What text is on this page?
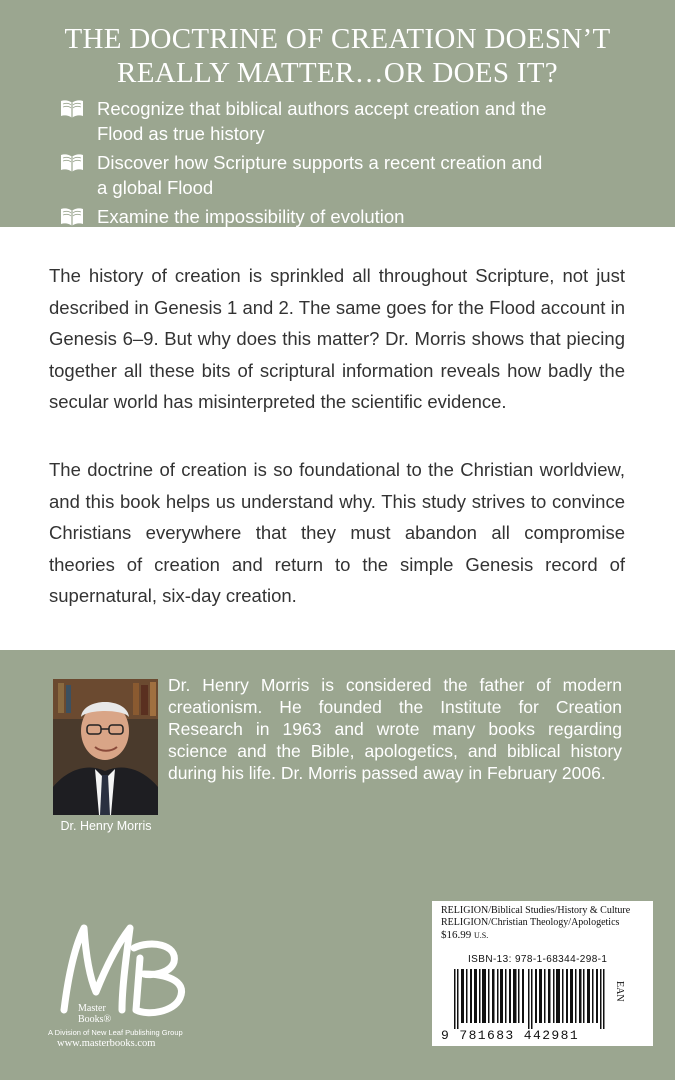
THE DOCTRINE OF CREATION DOESN’T
REALLY MATTER…OR DOES IT?
Recognize that biblical authors accept creation and the
Flood as true history
Discover how Scripture supports a recent creation and
a global Flood
Examine the impossibility of evolution

The history of creation is sprinkled all throughout Scripture, not just described in Genesis 1 and 2. The same goes for the Flood account in Genesis 6–9. But why does this matter? Dr. Morris shows that piecing together all these bits of scriptural information reveals how badly the secular world has misinterpreted the scientific evidence.

The doctrine of creation is so foundational to the Christian worldview, and this book helps us understand why. This study strives to convince Christians everywhere that they must abandon all compromise theories of creation and return to the simple Genesis record of supernatural, six-day creation.

Dr. Henry Morris

Dr. Henry Morris is considered the father of modern creationism. He founded the Institute for Creation Research in 1963 and wrote many books regarding science and the Bible, apologetics, and biblical history during his life. Dr. Morris passed away in February 2006.

Master
Books®
A Division of New Leaf Publishing Group
www.masterbooks.com
RELIGION/Biblical Studies/History & Culture
RELIGION/Christian Theology/Apologetics
$16.99 U.S.
ISBN-13: 978-1-68344-298-1
EAN
9 781683 442981
